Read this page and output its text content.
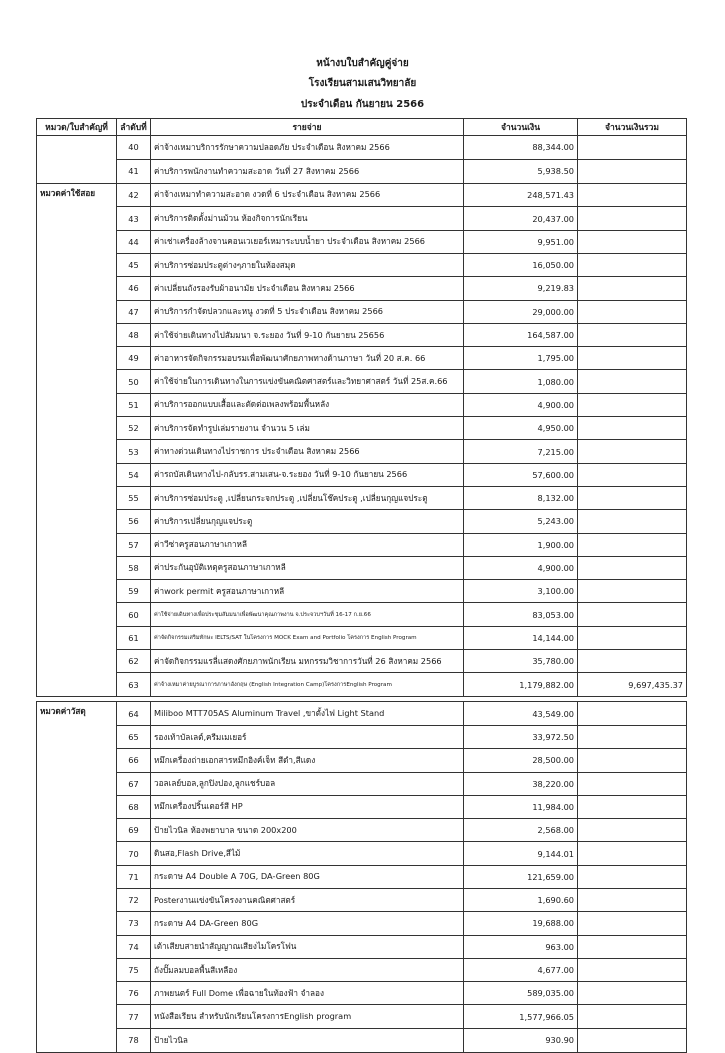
หน้างบใบสำคัญคู่จ่าย
โรงเรียนสามเสนวิทยาลัย
ประจำเดือน กันยายน 2566
หมวด/ใบสำคัญที่	ลำดับที่	รายจ่าย	จำนวนเงิน	จำนวนเงินรวม
	40	ค่าจ้างเหมาบริการรักษาความปลอดภัย ประจำเดือน สิงหาคม 2566	88,344.00	
	41	ค่าบริการพนักงานทำความสะอาด วันที่ 27 สิงหาคม 2566	5,938.50	
หมวดค่าใช้สอย	42	ค่าจ้างเหมาทำความสะอาด งวดที่ 6 ประจำเดือน สิงหาคม 2566	248,571.43	
	43	ค่าบริการติดตั้งม่านม้วน ห้องกิจการนักเรียน	20,437.00	
	44	ค่าเช่าเครื่องล้างจานคอนเวเยอร์เหมาระบบน้ำยา ประจำเดือน สิงหาคม 2566	9,951.00	
	45	ค่าบริการซ่อมประตูต่างๆภายในห้องสมุด	16,050.00	
	46	ค่าเปลี่ยนถังรองรับผ้าอนามัย ประจำเดือน สิงหาคม 2566	9,219.83	
	47	ค่าบริการกำจัดปลวกและหนู งวดที่ 5 ประจำเดือน สิงหาคม 2566	29,000.00	
	48	ค่าใช้จ่ายเดินทางไปสัมมนา จ.ระยอง วันที่ 9-10 กันยายน 25656	164,587.00	
	49	ค่าอาหารจัดกิจกรรมอบรมเพื่อพัฒนาศักยภาพทางด้านภาษา วันที่ 20 ส.ค. 66	1,795.00	
	50	ค่าใช้จ่ายในการเดินทางในการแข่งขันคณิตศาสตร์และวิทยาศาสตร์ วันที่ 25ส.ค.66	1,080.00	
	51	ค่าบริการออกแบบเสื้อและตัดต่อเพลงพร้อมพื้นหลัง	4,900.00	
	52	ค่าบริการจัดทำรูปเล่มรายงาน จำนวน 5 เล่ม	4,950.00	
	53	ค่าทางด่วนเดินทางไปราชการ ประจำเดือน สิงหาคม 2566	7,215.00	
	54	ค่ารถบัสเดินทางไป-กลับรร.สามเสน-จ.ระยอง วันที่ 9-10 กันยายน 2566	57,600.00	
	55	ค่าบริการซ่อมประตู ,เปลี่ยนกระจกประตู ,เปลี่ยนโช๊คประตู ,เปลี่ยนกุญแจประตู	8,132.00	
	56	ค่าบริการเปลี่ยนกุญแจประตู	5,243.00	
	57	ค่าวีซ่าครูสอนภาษาเกาหลี	1,900.00	
	58	ค่าประกันอุบัติเหตุครูสอนภาษาเกาหลี	4,900.00	
	59	ค่าwork permit ครูสอนภาษาเกาหลี	3,100.00	
	60	ค่าใช้จ่ายเดินทางเพื่อประชุมสัมมนาเพื่อพัฒนาคุณภาพงาน จ.ประจวบฯวันที่ 16-17 ก.ย.66	83,053.00	
	61	ค่าจัดกิจกรรมเสริมทักษะ IELTS/SAT ในโครงการ MOCK Exam and Portfolio โครงการ English Program	14,144.00	
	62	ค่าจัดกิจกรรมแรลี่แสดงศักยภาพนักเรียน มหกรรมวิชาการวันที่ 26 สิงหาคม 2566	35,780.00	
	63	ค่าจ้างเหมาค่ายบูรณาการภาษาอังกฤษ (English Integration Camp)โครงการEnglish Program	1,179,882.00	9,697,435.37

หมวดค่าวัสดุ	64	Miliboo MTT705AS Aluminum Travel ,ขาตั้งไฟ Light Stand	43,549.00	
	65	รองเท้าบัลเลต์,ครีมเมเยอร์	33,972.50	
	66	หมึกเครื่องถ่ายเอกสารหมึกอิงค์เจ็ท สีดำ,สีแดง	28,500.00	
	67	วอลเลย์บอล,ลูกปิงปอง,ลูกแชร์บอล	38,220.00	
	68	หมึกเครื่องปริ้นเตอร์สี HP	11,984.00	
	69	ป้ายไวนิล ห้องพยาบาล ขนาด 200x200	2,568.00	
	70	ดินสอ,Flash Drive,สีไม้	9,144.01	
	71	กระดาษ A4 Double A 70G, DA-Green 80G	121,659.00	
	72	Posterงานแข่งขันโครงงานคณิตศาสตร์	1,690.60	
	73	กระดาษ A4 DA-Green 80G	19,688.00	
	74	เต้าเสียบสายนำสัญญาณเสียงไมโครโฟน	963.00	
	75	ถังปั๊มลมบอลพื้นสีเหลือง	4,677.00	
	76	ภาพยนตร์ Full Dome เพื่อฉายในท้องฟ้า จำลอง	589,035.00	
	77	หนังสือเรียน สำหรับนักเรียนโครงการEnglish program	1,577,966.05	
	78	ป้ายไวนิล	930.90	
